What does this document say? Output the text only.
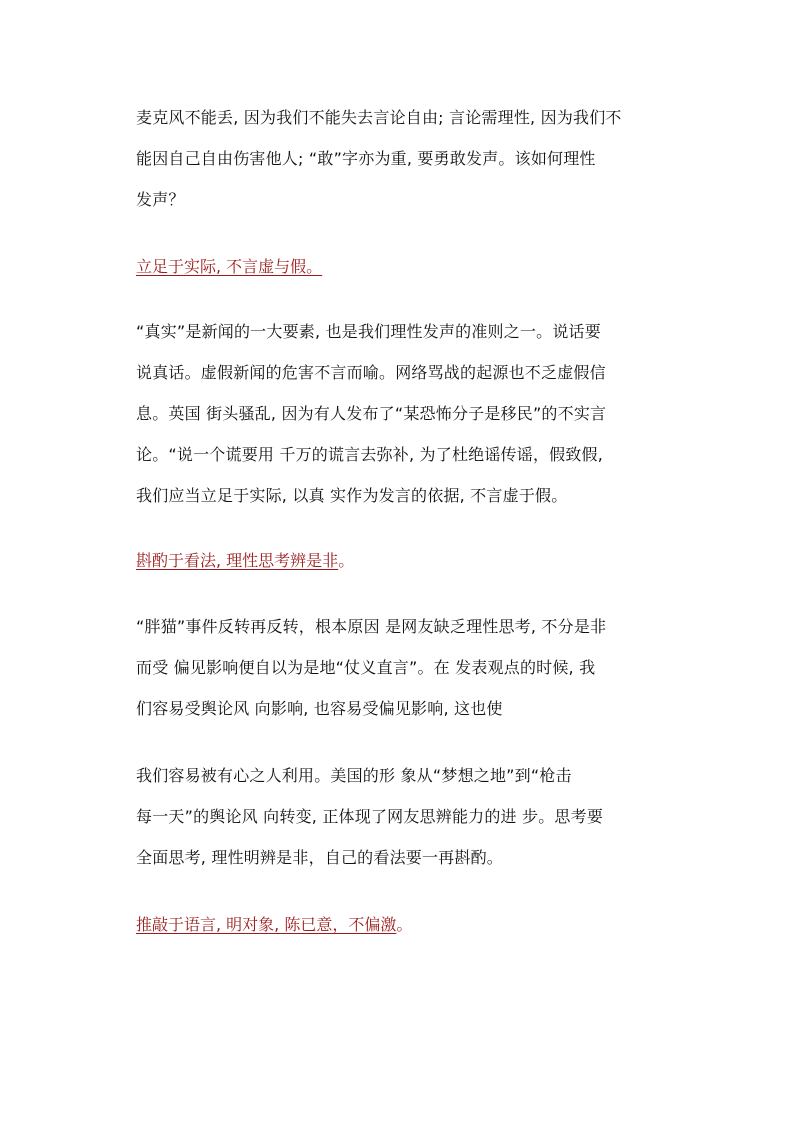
麦克风不能丢, 因为我们不能失去言论自由; 言论需理性, 因为我们不
能因自己自由伤害他人; “敢”字亦为重, 要勇敢发声。该如何理性
发声？
立足于实际, 不言虚与假。
“真实”是新闻的一大要素, 也是我们理性发声的准则之一。说话要
说真话。虚假新闻的危害不言而喻。网络骂战的起源也不乏虚假信
息。英国 街头骚乱, 因为有人发布了“某恐怖分子是移民”的不实言
论。“说一个谎要用 千万的谎言去弥补, 为了杜绝谣传谣，假致假,
我们应当立足于实际, 以真 实作为发言的依据, 不言虚于假。
斟酌于看法, 理性思考辨是非。
“胖猫”事件反转再反转，根本原因 是网友缺乏理性思考, 不分是非
而受 偏见影响便自以为是地“仗义直言”。在 发表观点的时候, 我
们容易受舆论风 向影响, 也容易受偏见影响, 这也使
我们容易被有心之人利用。美国的形 象从“梦想之地”到“枪击
每一天”的舆论风 向转变, 正体现了网友思辨能力的进 步。思考要
全面思考, 理性明辨是非，自己的看法要一再斟酌。
推敲于语言, 明对象, 陈已意，不偏激。
